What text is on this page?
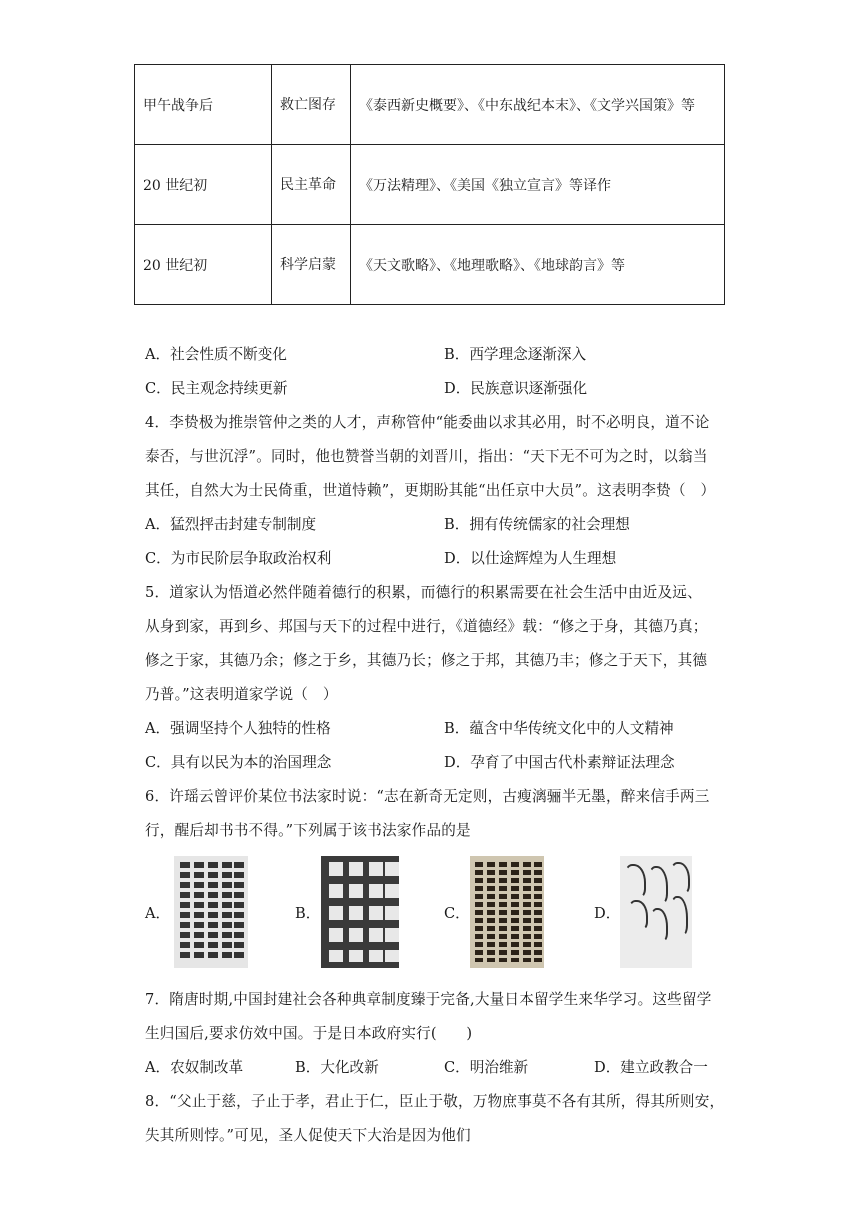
甲午战争后	救亡图存	《泰西新史概要》、《中东战纪本末》、《文学兴国策》等
20 世纪初	民主革命	《万法精理》、《美国《独立宣言》等译作
20 世纪初	科学启蒙	《天文歌略》、《地理歌略》、《地球韵言》等
A．社会性质不断变化	B．西学理念逐渐深入
C．民主观念持续更新	D．民族意识逐渐强化
4．李贽极为推崇管仲之类的人才，声称管仲“能委曲以求其必用，时不必明良，道不论
泰否，与世沉浮”。同时，他也赞誉当朝的刘晋川，指出：“天下无不可为之时，以翁当
其任，自然大为士民倚重，世道恃赖”，更期盼其能“出任京中大员”。这表明李贽（　）
A．猛烈抨击封建专制制度	B．拥有传统儒家的社会理想
C．为市民阶层争取政治权利	D．以仕途辉煌为人生理想
5．道家认为悟道必然伴随着德行的积累，而德行的积累需要在社会生活中由近及远、
从身到家，再到乡、邦国与天下的过程中进行，《道德经》载：“修之于身，其德乃真；
修之于家，其德乃余；修之于乡，其德乃长；修之于邦，其德乃丰；修之于天下，其德
乃普。”这表明道家学说（　）
A．强调坚持个人独特的性格	B．蕴含中华传统文化中的人文精神
C．具有以民为本的治国理念	D．孕育了中国古代朴素辩证法理念
6．许瑶云曾评价某位书法家时说：“志在新奇无定则，古瘦漓骊半无墨，醉来信手两三
行，醒后却书书不得。”下列属于该书法家作品的是
A．	B．	C．	D．
7．隋唐时期,中国封建社会各种典章制度臻于完备,大量日本留学生来华学习。这些留学
生归国后,要求仿效中国。于是日本政府实行(　　)
A．农奴制改革	B．大化改新	C．明治维新	D．建立政教合一
8．“父止于慈，子止于孝，君止于仁，臣止于敬，万物庶事莫不各有其所，得其所则安，
失其所则悖。”可见，圣人促使天下大治是因为他们
